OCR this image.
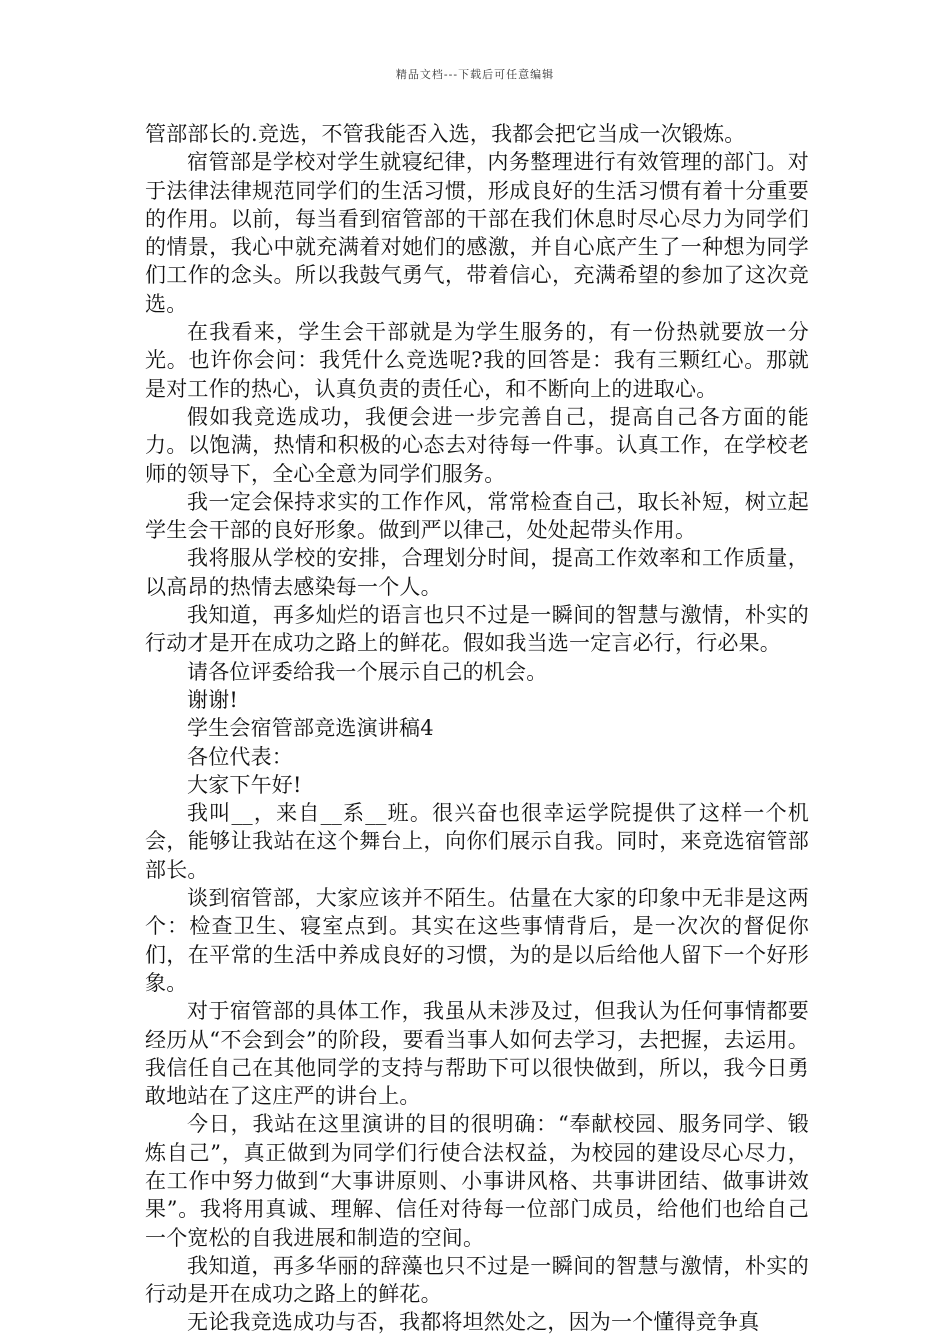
精品文档---下载后可任意编辑

管部部长的.竞选，不管我能否入选，我都会把它当成一次锻炼。

宿管部是学校对学生就寝纪律，内务整理进行有效管理的部门。对于法律法律规范同学们的生活习惯，形成良好的生活习惯有着十分重要的作用。以前，每当看到宿管部的干部在我们休息时尽心尽力为同学们的情景，我心中就充满着对她们的感激，并自心底产生了一种想为同学们工作的念头。所以我鼓气勇气，带着信心，充满希望的参加了这次竞选。

在我看来，学生会干部就是为学生服务的，有一份热就要放一分光。也许你会问：我凭什么竞选呢?我的回答是：我有三颗红心。那就是对工作的热心，认真负责的责任心，和不断向上的进取心。

假如我竞选成功，我便会进一步完善自己，提高自己各方面的能力。以饱满，热情和积极的心态去对待每一件事。认真工作，在学校老师的领导下，全心全意为同学们服务。

我一定会保持求实的工作作风，常常检查自己，取长补短，树立起学生会干部的良好形象。做到严以律己，处处起带头作用。

我将服从学校的安排，合理划分时间，提高工作效率和工作质量，以高昂的热情去感染每一个人。

我知道，再多灿烂的语言也只不过是一瞬间的智慧与激情，朴实的行动才是开在成功之路上的鲜花。假如我当选一定言必行，行必果。

请各位评委给我一个展示自己的机会。

谢谢!

学生会宿管部竞选演讲稿4

各位代表：

大家下午好!

我叫__，来自__系__班。很兴奋也很幸运学院提供了这样一个机会，能够让我站在这个舞台上，向你们展示自我。同时，来竞选宿管部部长。

谈到宿管部，大家应该并不陌生。估量在大家的印象中无非是这两个：检查卫生、寝室点到。其实在这些事情背后，是一次次的督促你们，在平常的生活中养成良好的习惯，为的是以后给他人留下一个好形象。

对于宿管部的具体工作，我虽从未涉及过，但我认为任何事情都要经历从“不会到会”的阶段，要看当事人如何去学习，去把握，去运用。我信任自己在其他同学的支持与帮助下可以很快做到，所以，我今日勇敢地站在了这庄严的讲台上。

今日，我站在这里演讲的目的很明确：“奉献校园、服务同学、锻炼自己”，真正做到为同学们行使合法权益，为校园的建设尽心尽力，在工作中努力做到“大事讲原则、小事讲风格、共事讲团结、做事讲效果”。我将用真诚、理解、信任对待每一位部门成员，给他们也给自己一个宽松的自我进展和制造的空间。

我知道，再多华丽的辞藻也只不过是一瞬间的智慧与激情，朴实的行动是开在成功之路上的鲜花。

无论我竞选成功与否，我都将坦然处之，因为一个懂得竞争真
